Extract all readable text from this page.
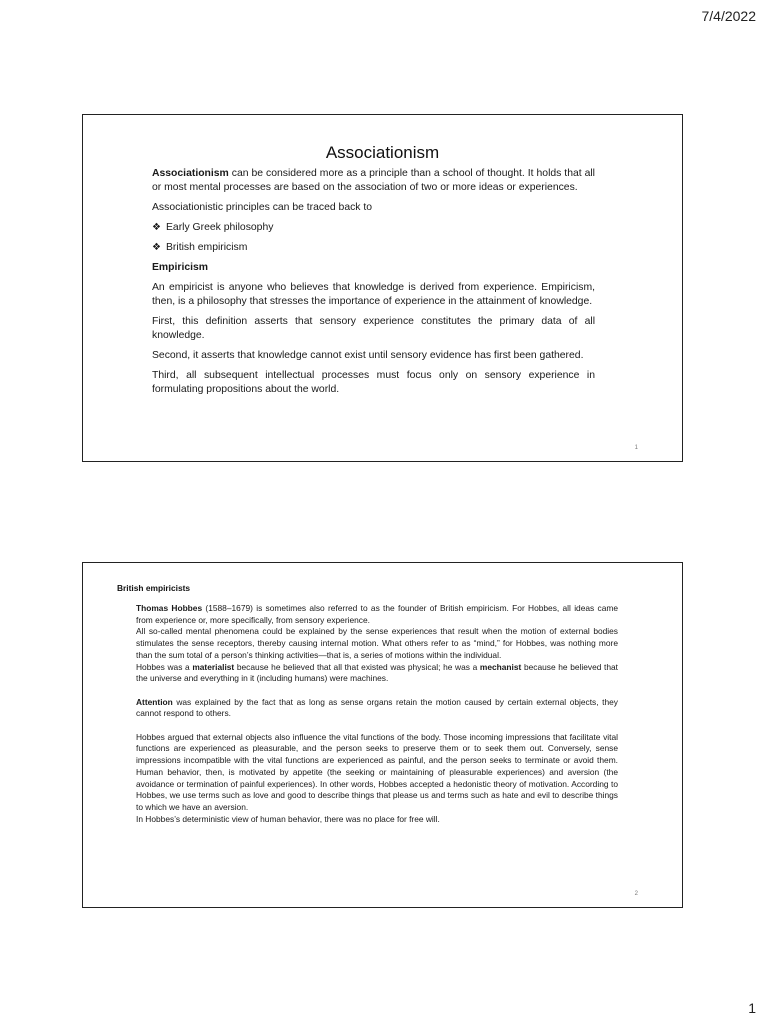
7/4/2022
Associationism

Associationism can be considered more as a principle than a school of thought. It holds that all or most mental processes are based on the association of two or more ideas or experiences.

Associationistic principles can be traced back to

❖ Early Greek philosophy
❖ British empiricism
Empiricism

An empiricist is anyone who believes that knowledge is derived from experience. Empiricism, then, is a philosophy that stresses the importance of experience in the attainment of knowledge.

First, this definition asserts that sensory experience constitutes the primary data of all knowledge.

Second, it asserts that knowledge cannot exist until sensory evidence has first been gathered.

Third, all subsequent intellectual processes must focus only on sensory experience in formulating propositions about the world.

1
British empiricists

Thomas Hobbes (1588–1679) is sometimes also referred to as the founder of British empiricism. For Hobbes, all ideas came from experience or, more specifically, from sensory experience.

All so-called mental phenomena could be explained by the sense experiences that result when the motion of external bodies stimulates the sense receptors, thereby causing internal motion. What others refer to as “mind,” for Hobbes, was nothing more than the sum total of a person’s thinking activities—that is, a series of motions within the individual.

Hobbes was a materialist because he believed that all that existed was physical; he was a mechanist because he believed that the universe and everything in it (including humans) were machines.

Attention was explained by the fact that as long as sense organs retain the motion caused by certain external objects, they cannot respond to others.

Hobbes argued that external objects also influence the vital functions of the body. Those incoming impressions that facilitate vital functions are experienced as pleasurable, and the person seeks to preserve them or to seek them out. Conversely, sense impressions incompatible with the vital functions are experienced as painful, and the person seeks to terminate or avoid them. Human behavior, then, is motivated by appetite (the seeking or maintaining of pleasurable experiences) and aversion (the avoidance or termination of painful experiences). In other words, Hobbes accepted a hedonistic theory of motivation. According to Hobbes, we use terms such as love and good to describe things that please us and terms such as hate and evil to describe things to which we have an aversion.

In Hobbes’s deterministic view of human behavior, there was no place for free will.

2
1
